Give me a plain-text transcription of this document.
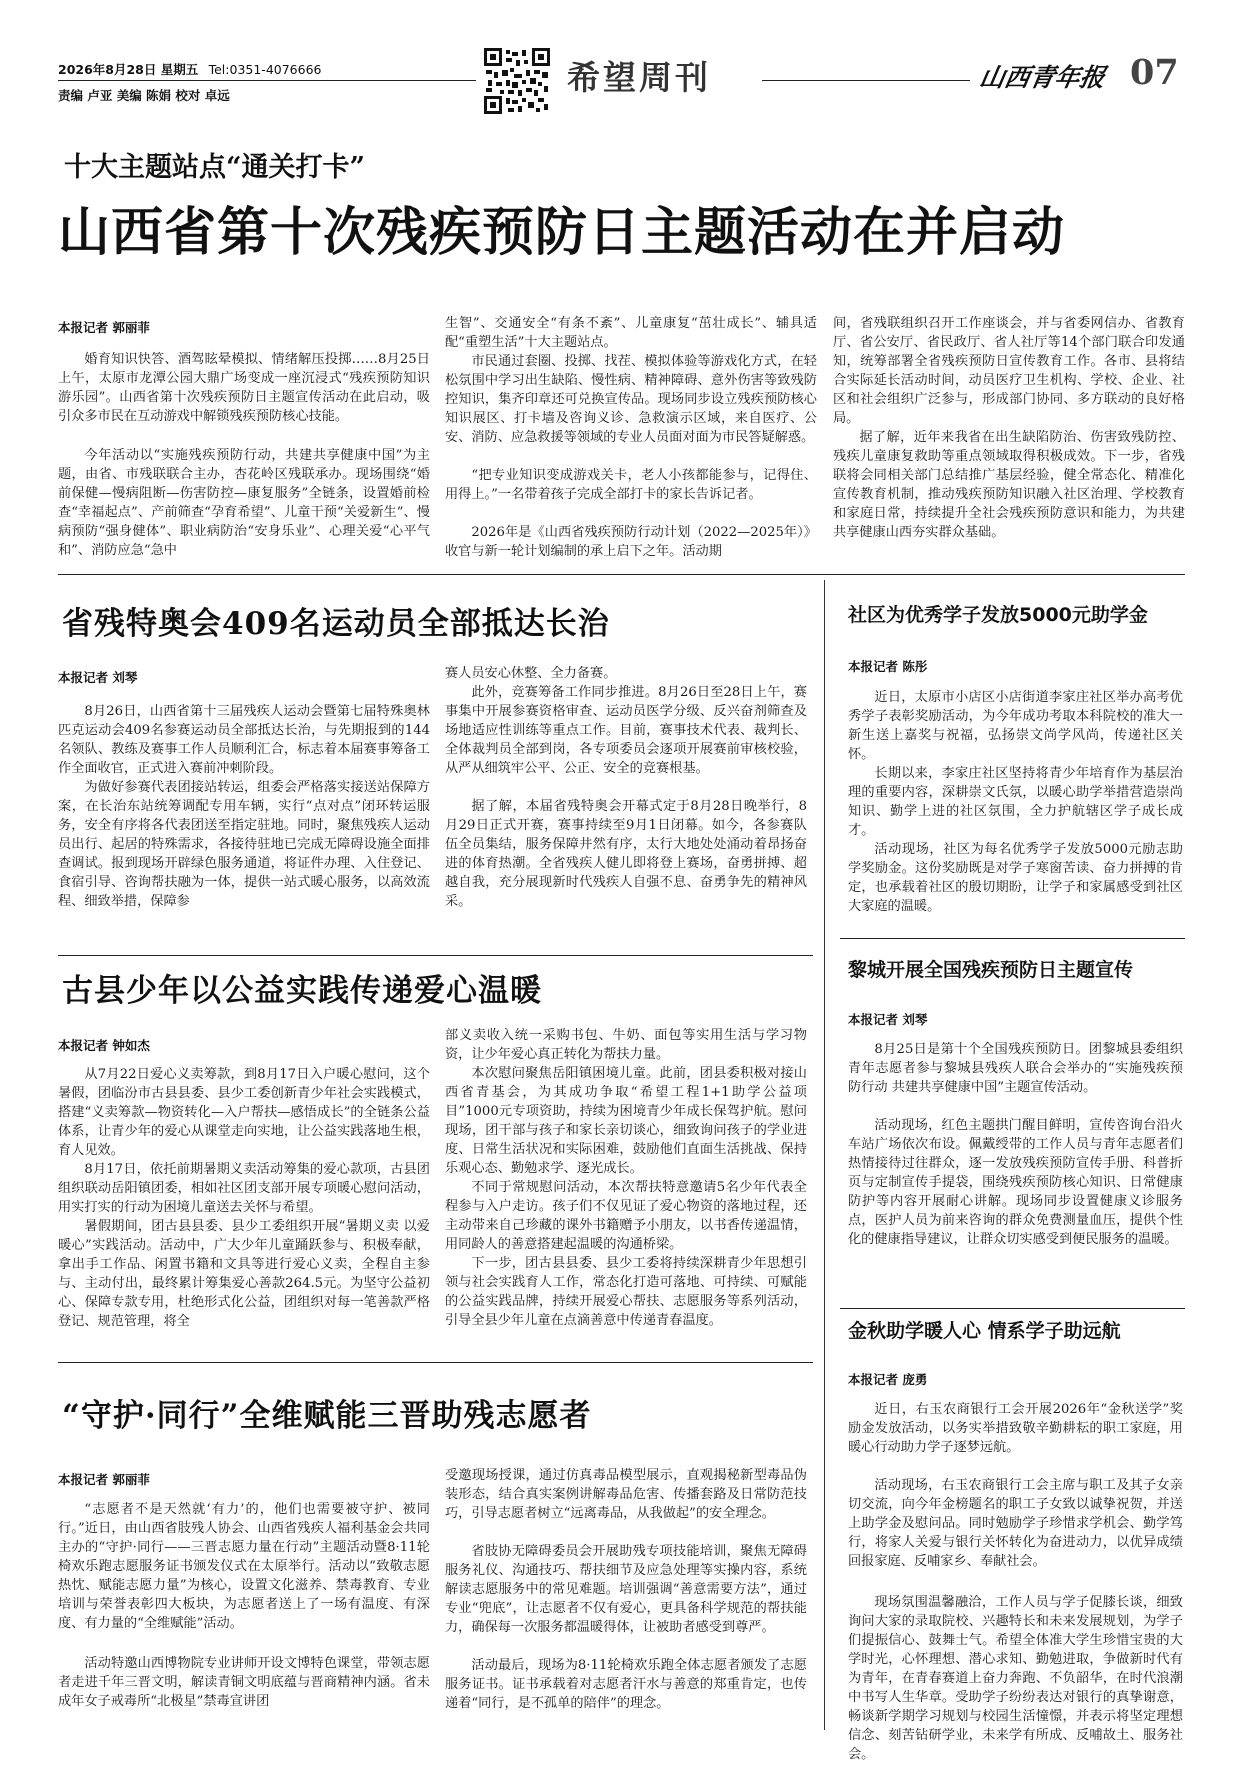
2026年8月28日 星期五 Tel:0351-4076666
责编 卢亚 美编 陈娟 校对 卓远	希望周刊	山西青年报 07
十大主题站点“通关打卡”
山西省第十次残疾预防日主题活动在并启动

本报记者 郭丽菲

婚育知识快答、酒驾眩晕模拟、情绪解压投掷……8月25日上午，太原市龙潭公园大鼎广场变成一座沉浸式“残疾预防知识游乐园”。山西省第十次残疾预防日主题宣传活动在此启动，吸引众多市民在互动游戏中解锁残疾预防核心技能。

今年活动以“实施残疾预防行动，共建共享健康中国”为主题，由省、市残联联合主办，杏花岭区残联承办。现场围绕“婚前保健—慢病阻断—伤害防控—康复服务”全链条，设置婚前检查“幸福起点”、产前筛查“孕育希望”、儿童干预“关爱新生”、慢病预防“强身健体”、职业病防治“安身乐业”、心理关爱“心平气和”、消防应急“急中

生智”、交通安全“有条不紊”、儿童康复“茁壮成长”、辅具适配“重塑生活”十大主题站点。

市民通过套圈、投掷、找茬、模拟体验等游戏化方式，在轻松氛围中学习出生缺陷、慢性病、精神障碍、意外伤害等致残防控知识，集齐印章还可兑换宣传品。现场同步设立残疾预防核心知识展区、打卡墙及咨询义诊、急救演示区域，来自医疗、公安、消防、应急救援等领域的专业人员面对面为市民答疑解惑。

“把专业知识变成游戏关卡，老人小孩都能参与，记得住、用得上。”一名带着孩子完成全部打卡的家长告诉记者。

2026年是《山西省残疾预防行动计划（2022—2025年）》收官与新一轮计划编制的承上启下之年。活动期

间，省残联组织召开工作座谈会，并与省委网信办、省教育厅、省公安厅、省民政厅、省人社厅等14个部门联合印发通知，统筹部署全省残疾预防日宣传教育工作。各市、县将结合实际延长活动时间，动员医疗卫生机构、学校、企业、社区和社会组织广泛参与，形成部门协同、多方联动的良好格局。

据了解，近年来我省在出生缺陷防治、伤害致残防控、残疾儿童康复救助等重点领域取得积极成效。下一步，省残联将会同相关部门总结推广基层经验，健全常态化、精准化宣传教育机制，推动残疾预防知识融入社区治理、学校教育和家庭日常，持续提升全社会残疾预防意识和能力，为共建共享健康山西夯实群众基础。

省残特奥会409名运动员全部抵达长治

本报记者 刘琴

8月26日，山西省第十三届残疾人运动会暨第七届特殊奥林匹克运动会409名参赛运动员全部抵达长治，与先期报到的144名领队、教练及赛事工作人员顺利汇合，标志着本届赛事筹备工作全面收官，正式进入赛前冲刺阶段。

为做好参赛代表团接站转运，组委会严格落实接送站保障方案，在长治东站统筹调配专用车辆，实行“点对点”闭环转运服务，安全有序将各代表团送至指定驻地。同时，聚焦残疾人运动员出行、起居的特殊需求，各接待驻地已完成无障碍设施全面排查调试。报到现场开辟绿色服务通道，将证件办理、入住登记、食宿引导、咨询帮扶融为一体，提供一站式暖心服务，以高效流程、细致举措，保障参

赛人员安心休整、全力备赛。

此外，竞赛筹备工作同步推进。8月26日至28日上午，赛事集中开展参赛资格审查、运动员医学分级、反兴奋剂筛查及场地适应性训练等重点工作。目前，赛事技术代表、裁判长、全体裁判员全部到岗，各专项委员会逐项开展赛前审核校验，从严从细筑牢公平、公正、安全的竞赛根基。

据了解，本届省残特奥会开幕式定于8月28日晚举行，8月29日正式开赛，赛事持续至9月1日闭幕。如今，各参赛队伍全员集结，服务保障井然有序，太行大地处处涌动着昂扬奋进的体育热潮。全省残疾人健儿即将登上赛场，奋勇拼搏、超越自我，充分展现新时代残疾人自强不息、奋勇争先的精神风采。

古县少年以公益实践传递爱心温暖

本报记者 钟如杰

从7月22日爱心义卖筹款，到8月17日入户暖心慰问，这个暑假，团临汾市古县县委、县少工委创新青少年社会实践模式，搭建“义卖筹款—物资转化—入户帮扶—感悟成长”的全链条公益体系，让青少年的爱心从课堂走向实地，让公益实践落地生根，育人见效。

8月17日，依托前期暑期义卖活动筹集的爱心款项，古县团组织联动岳阳镇团委，相如社区团支部开展专项暖心慰问活动，用实打实的行动为困境儿童送去关怀与希望。

暑假期间，团古县县委、县少工委组织开展“暑期义卖 以爱暖心”实践活动。活动中，广大少年儿童踊跃参与、积极奉献，拿出手工作品、闲置书籍和文具等进行爱心义卖，全程自主参与、主动付出，最终累计筹集爱心善款264.5元。为坚守公益初心、保障专款专用，杜绝形式化公益，团组织对每一笔善款严格登记、规范管理，将全

部义卖收入统一采购书包、牛奶、面包等实用生活与学习物资，让少年爱心真正转化为帮扶力量。

本次慰问聚焦岳阳镇困境儿童。此前，团县委积极对接山西省青基会，为其成功争取“希望工程1+1助学公益项目”1000元专项资助，持续为困境青少年成长保驾护航。慰问现场，团干部与孩子和家长亲切谈心，细致询问孩子的学业进度、日常生活状况和实际困难，鼓励他们直面生活挑战、保持乐观心态、勤勉求学、逐光成长。

不同于常规慰问活动，本次帮扶特意邀请5名少年代表全程参与入户走访。孩子们不仅见证了爱心物资的落地过程，还主动带来自己珍藏的课外书籍赠予小朋友，以书香传递温情，用同龄人的善意搭建起温暖的沟通桥梁。

下一步，团古县县委、县少工委将持续深耕青少年思想引领与社会实践育人工作，常态化打造可落地、可持续、可赋能的公益实践品牌，持续开展爱心帮扶、志愿服务等系列活动，引导全县少年儿童在点滴善意中传递青春温度。

“守护·同行”全维赋能三晋助残志愿者

本报记者 郭丽菲

“志愿者不是天然就‘有力’的，他们也需要被守护、被同行。”近日，由山西省肢残人协会、山西省残疾人福利基金会共同主办的“守护·同行——三晋志愿力量在行动”主题活动暨8·11轮椅欢乐跑志愿服务证书颁发仪式在太原举行。活动以“致敬志愿热忱、赋能志愿力量”为核心，设置文化滋养、禁毒教育、专业培训与荣誉表彰四大板块，为志愿者送上了一场有温度、有深度、有力量的“全维赋能”活动。

活动特邀山西博物院专业讲师开设文博特色课堂，带领志愿者走进千年三晋文明，解读青铜文明底蕴与晋商精神内涵。省未成年女子戒毒所“北极星”禁毒宣讲团

受邀现场授课，通过仿真毒品模型展示，直观揭秘新型毒品伪装形态，结合真实案例讲解毒品危害、传播套路及日常防范技巧，引导志愿者树立“远离毒品，从我做起”的安全理念。

省肢协无障碍委员会开展助残专项技能培训，聚焦无障碍服务礼仪、沟通技巧、帮扶细节及应急处理等实操内容，系统解读志愿服务中的常见难题。培训强调“善意需要方法”，通过专业“兜底”，让志愿者不仅有爱心，更具备科学规范的帮扶能力，确保每一次服务都温暖得体，让被助者感受到尊严。

活动最后，现场为8·11轮椅欢乐跑全体志愿者颁发了志愿服务证书。证书承载着对志愿者汗水与善意的郑重肯定，也传递着“同行，是不孤单的陪伴”的理念。

社区为优秀学子发放5000元助学金

本报记者 陈彤

近日，太原市小店区小店街道李家庄社区举办高考优秀学子表彰奖励活动，为今年成功考取本科院校的准大一新生送上嘉奖与祝福，弘扬崇文尚学风尚，传递社区关怀。

长期以来，李家庄社区坚持将青少年培育作为基层治理的重要内容，深耕崇文氏氛，以暖心助学举措营造崇尚知识、勤学上进的社区氛围，全力护航辖区学子成长成才。

活动现场，社区为每名优秀学子发放5000元励志助学奖励金。这份奖励既是对学子寒窗苦读、奋力拼搏的肯定，也承载着社区的殷切期盼，让学子和家属感受到社区大家庭的温暖。

黎城开展全国残疾预防日主题宣传

本报记者 刘琴

8月25日是第十个全国残疾预防日。团黎城县委组织青年志愿者参与黎城县残疾人联合会举办的“实施残疾预防行动 共建共享健康中国”主题宣传活动。

活动现场，红色主题拱门醒目鲜明，宣传咨询台沿火车站广场依次布设。佩戴绶带的工作人员与青年志愿者们热情接待过往群众，逐一发放残疾预防宣传手册、科普折页与定制宣传手提袋，围绕残疾预防核心知识、日常健康防护等内容开展耐心讲解。现场同步设置健康义诊服务点，医护人员为前来咨询的群众免费测量血压，提供个性化的健康指导建议，让群众切实感受到便民服务的温暖。

金秋助学暖人心 情系学子助远航

本报记者 庞勇

近日，右玉农商银行工会开展2026年“金秋送学”奖励金发放活动，以务实举措致敬辛勤耕耘的职工家庭，用暖心行动助力学子逐梦远航。

活动现场，右玉农商银行工会主席与职工及其子女亲切交流，向今年金榜题名的职工子女致以诚挚祝贺，并送上助学金及慰问品。同时勉励学子珍惜求学机会、勤学笃行，将家人关爱与银行关怀转化为奋进动力，以优异成绩回报家庭、反哺家乡、奉献社会。

现场氛围温馨融洽，工作人员与学子促膝长谈，细致询问大家的录取院校、兴趣特长和未来发展规划，为学子们提振信心、鼓舞士气。希望全体准大学生珍惜宝贵的大学时光，心怀理想、潜心求知、勤勉进取，争做新时代有为青年，在青春赛道上奋力奔跑、不负韶华，在时代浪潮中书写人生华章。受助学子纷纷表达对银行的真挚谢意，畅谈新学期学习规划与校园生活憧憬，并表示将坚定理想信念、刻苦钻研学业，未来学有所成、反哺故土、服务社会。
